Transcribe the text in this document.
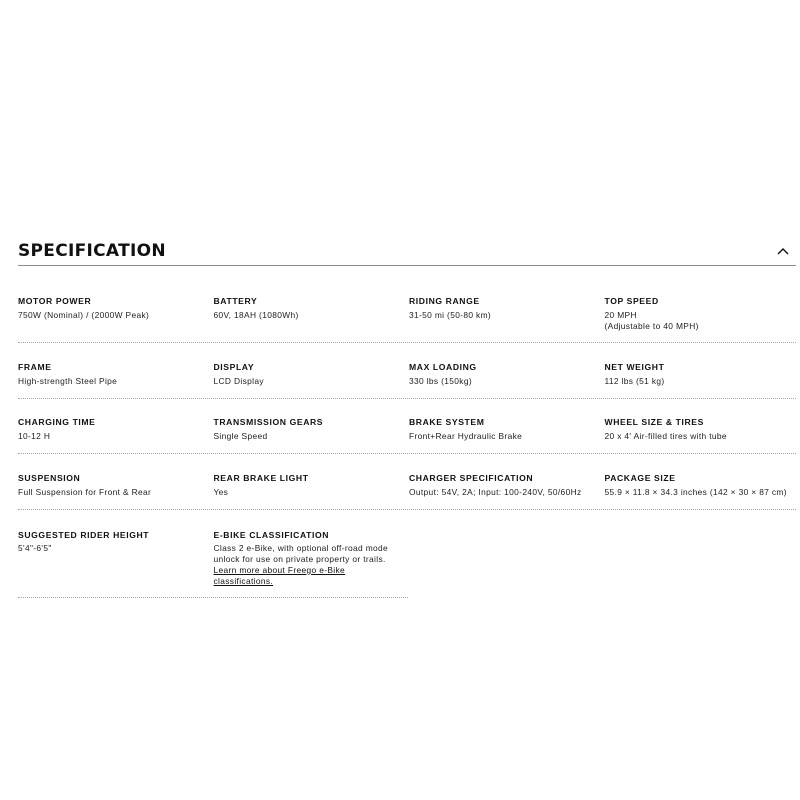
SPECIFICATION
MOTOR POWER
750W (Nominal) / (2000W Peak)
BATTERY
60V, 18AH (1080Wh)
RIDING RANGE
31-50 mi (50-80 km)
TOP SPEED
20 MPH
(Adjustable to 40 MPH)
FRAME
High-strength Steel Pipe
DISPLAY
LCD Display
MAX LOADING
330 lbs (150kg)
NET WEIGHT
112 lbs (51 kg)
CHARGING TIME
10-12 H
TRANSMISSION GEARS
Single Speed
BRAKE SYSTEM
Front+Rear Hydraulic Brake
WHEEL SIZE & TIRES
20 x 4' Air-filled tires with tube
SUSPENSION
Full Suspension for Front & Rear
REAR BRAKE LIGHT
Yes
CHARGER SPECIFICATION
Output: 54V, 2A; Input: 100-240V, 50/60Hz
PACKAGE SIZE
55.9 × 11.8 × 34.3 inches (142 × 30 × 87 cm)
SUGGESTED RIDER HEIGHT
5'4"-6'5"
E-BIKE CLASSIFICATION
Class 2 e-Bike, with optional off-road mode
unlock for use on private property or trails.
Learn more about Freego e-Bike
classifications.
